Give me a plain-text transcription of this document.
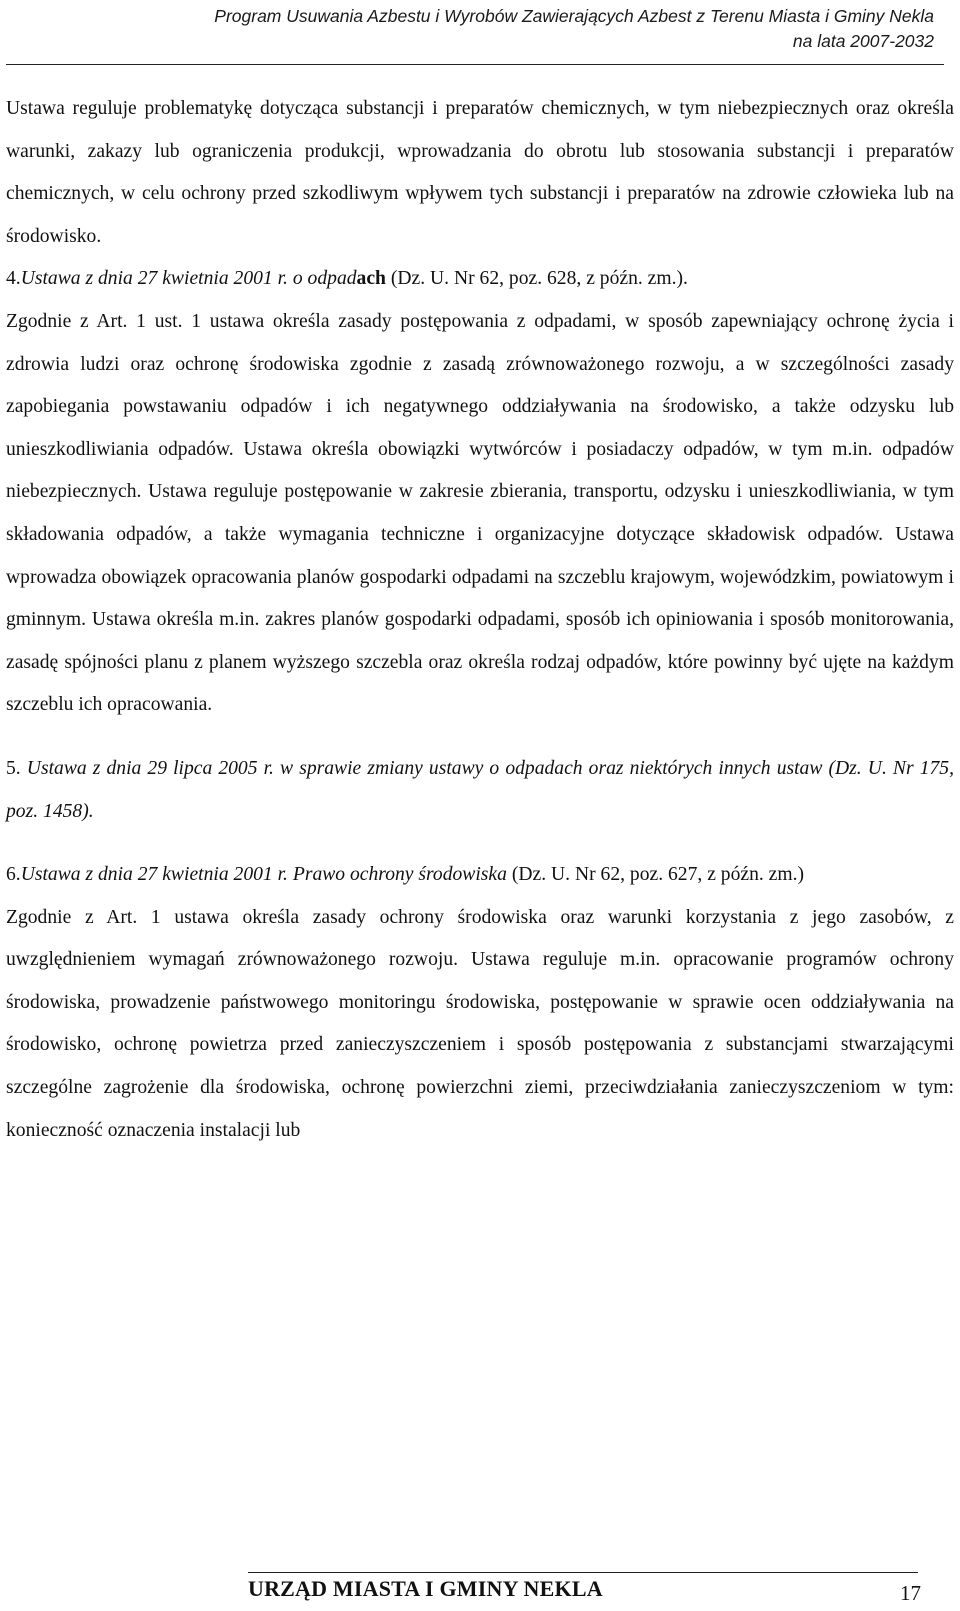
Program Usuwania Azbestu i Wyrobów Zawierających Azbest z Terenu Miasta i Gminy Nekla
na lata 2007-2032

Ustawa reguluje problematykę dotycząca substancji i preparatów chemicznych, w tym niebezpiecznych oraz określa warunki, zakazy lub ograniczenia produkcji, wprowadzania do obrotu lub stosowania substancji i preparatów chemicznych, w celu ochrony przed szkodliwym wpływem tych substancji i preparatów na zdrowie człowieka lub na środowisko.

4.Ustawa z dnia 27 kwietnia 2001 r. o odpadach (Dz. U. Nr 62, poz. 628, z późn. zm.).

Zgodnie z Art. 1 ust. 1 ustawa określa zasady postępowania z odpadami, w sposób zapewniający ochronę życia i zdrowia ludzi oraz ochronę środowiska zgodnie z zasadą zrównoważonego rozwoju, a w szczególności zasady zapobiegania powstawaniu odpadów i ich negatywnego oddziaływania na środowisko, a także odzysku lub unieszkodliwiania odpadów. Ustawa określa obowiązki wytwórców i posiadaczy odpadów, w tym m.in. odpadów niebezpiecznych. Ustawa reguluje postępowanie w zakresie zbierania, transportu, odzysku i unieszkodliwiania, w tym składowania odpadów, a także wymagania techniczne i organizacyjne dotyczące składowisk odpadów. Ustawa wprowadza obowiązek opracowania planów gospodarki odpadami na szczeblu krajowym, wojewódzkim, powiatowym i gminnym. Ustawa określa m.in. zakres planów gospodarki odpadami, sposób ich opiniowania i sposób monitorowania, zasadę spójności planu z planem wyższego szczebla oraz określa rodzaj odpadów, które powinny być ujęte na każdym szczeblu ich opracowania.

5. Ustawa z dnia 29 lipca 2005 r. w sprawie zmiany ustawy o odpadach oraz niektórych innych ustaw (Dz. U. Nr 175, poz. 1458).

6.Ustawa z dnia 27 kwietnia 2001 r. Prawo ochrony środowiska (Dz. U. Nr 62, poz. 627, z późn. zm.)

Zgodnie z Art. 1 ustawa określa zasady ochrony środowiska oraz warunki korzystania z jego zasobów, z uwzględnieniem wymagań zrównoważonego rozwoju. Ustawa reguluje m.in. opracowanie programów ochrony środowiska, prowadzenie państwowego monitoringu środowiska, postępowanie w sprawie ocen oddziaływania na środowisko, ochronę powietrza przed zanieczyszczeniem i sposób postępowania z substancjami stwarzającymi szczególne zagrożenie dla środowiska, ochronę powierzchni ziemi, przeciwdziałania zanieczyszczeniom w tym: konieczność oznaczenia instalacji lub

URZĄD MIASTA I GMINY NEKLA	17
